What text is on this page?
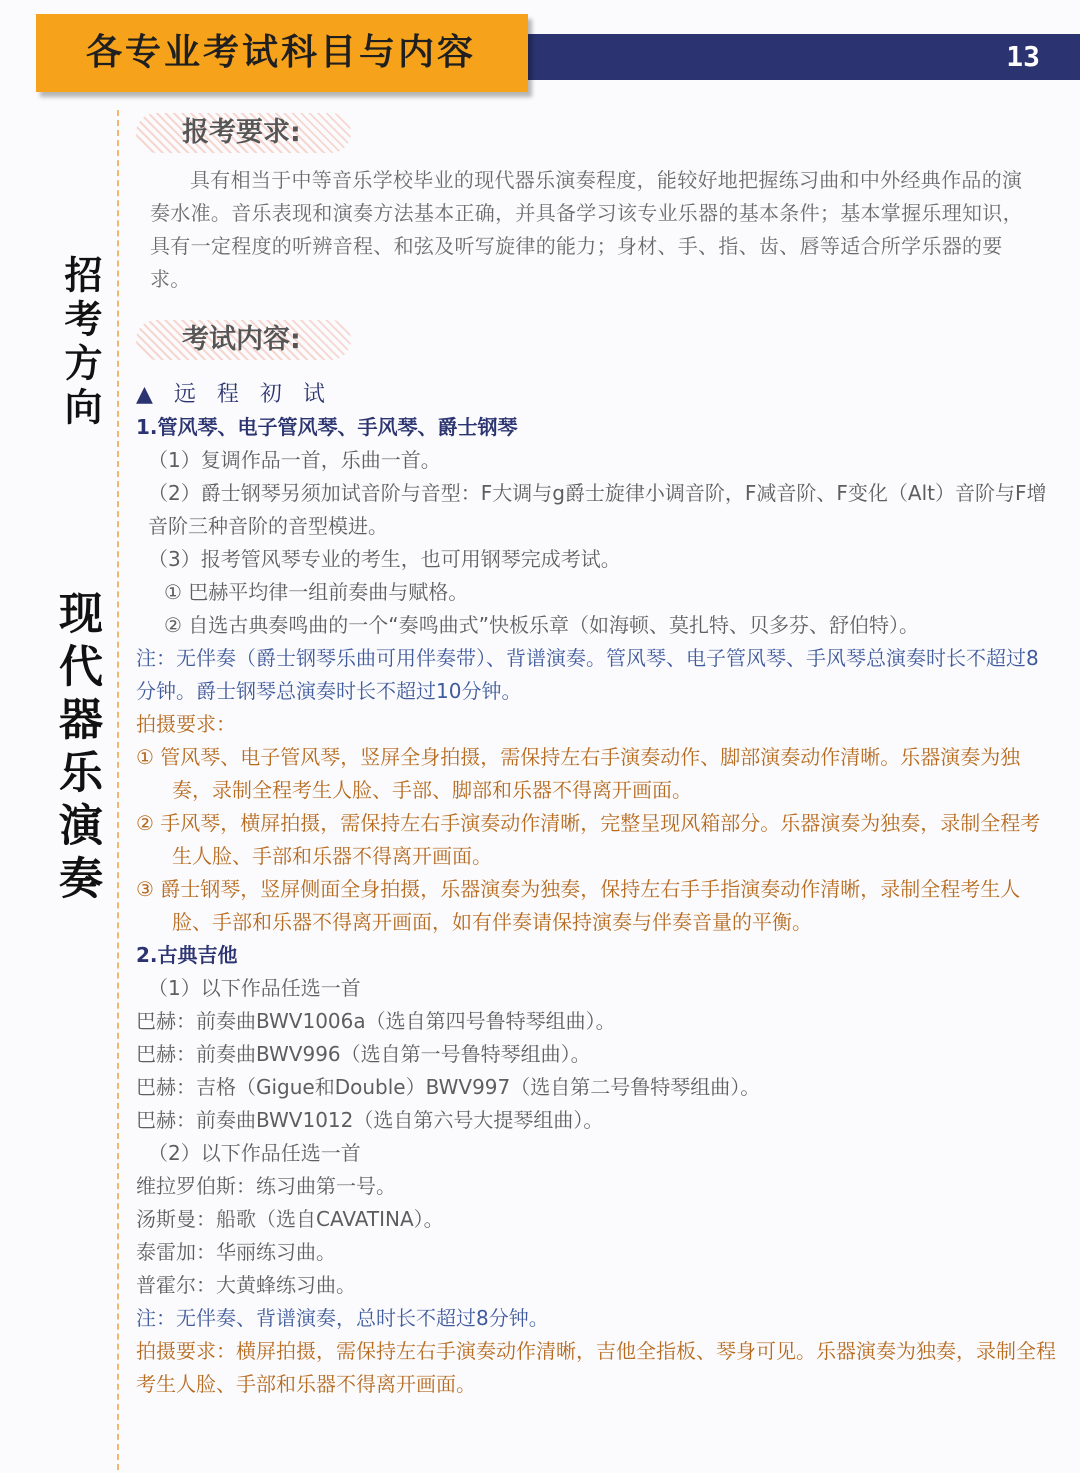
13
各专业考试科目与内容
招考方向
现代器乐演奏
报考要求:

具有相当于中等音乐学校毕业的现代器乐演奏程度，能较好地把握练习曲和中外经典作品的演奏水准。音乐表现和演奏方法基本正确，并具备学习该专业乐器的基本条件；基本掌握乐理知识，具有一定程度的听辨音程、和弦及听写旋律的能力；身材、手、指、齿、唇等适合所学乐器的要求。

考试内容:

▲ 远 程 初 试

1.管风琴、电子管风琴、手风琴、爵士钢琴

（1）复调作品一首，乐曲一首。

（2）爵士钢琴另须加试音阶与音型：F大调与g爵士旋律小调音阶，F减音阶、F变化（Alt）音阶与F增音阶三种音阶的音型模进。

（3）报考管风琴专业的考生，也可用钢琴完成考试。

① 巴赫平均律一组前奏曲与赋格。

② 自选古典奏鸣曲的一个“奏鸣曲式”快板乐章（如海顿、莫扎特、贝多芬、舒伯特）。

注：无伴奏（爵士钢琴乐曲可用伴奏带）、背谱演奏。管风琴、电子管风琴、手风琴总演奏时长不超过8分钟。爵士钢琴总演奏时长不超过10分钟。

拍摄要求：

① 管风琴、电子管风琴，竖屏全身拍摄，需保持左右手演奏动作、脚部演奏动作清晰。乐器演奏为独奏，录制全程考生人脸、手部、脚部和乐器不得离开画面。

② 手风琴，横屏拍摄，需保持左右手演奏动作清晰，完整呈现风箱部分。乐器演奏为独奏，录制全程考生人脸、手部和乐器不得离开画面。

③ 爵士钢琴，竖屏侧面全身拍摄，乐器演奏为独奏，保持左右手手指演奏动作清晰，录制全程考生人脸、手部和乐器不得离开画面，如有伴奏请保持演奏与伴奏音量的平衡。

2.古典吉他

（1）以下作品任选一首

巴赫：前奏曲BWV1006a（选自第四号鲁特琴组曲）。

巴赫：前奏曲BWV996（选自第一号鲁特琴组曲）。

巴赫：吉格（Gigue和Double）BWV997（选自第二号鲁特琴组曲）。

巴赫：前奏曲BWV1012（选自第六号大提琴组曲）。

（2）以下作品任选一首

维拉罗伯斯：练习曲第一号。

汤斯曼：船歌（选自CAVATINA）。

泰雷加：华丽练习曲。

普霍尔：大黄蜂练习曲。

注：无伴奏、背谱演奏，总时长不超过8分钟。

拍摄要求：横屏拍摄，需保持左右手演奏动作清晰，吉他全指板、琴身可见。乐器演奏为独奏，录制全程考生人脸、手部和乐器不得离开画面。
